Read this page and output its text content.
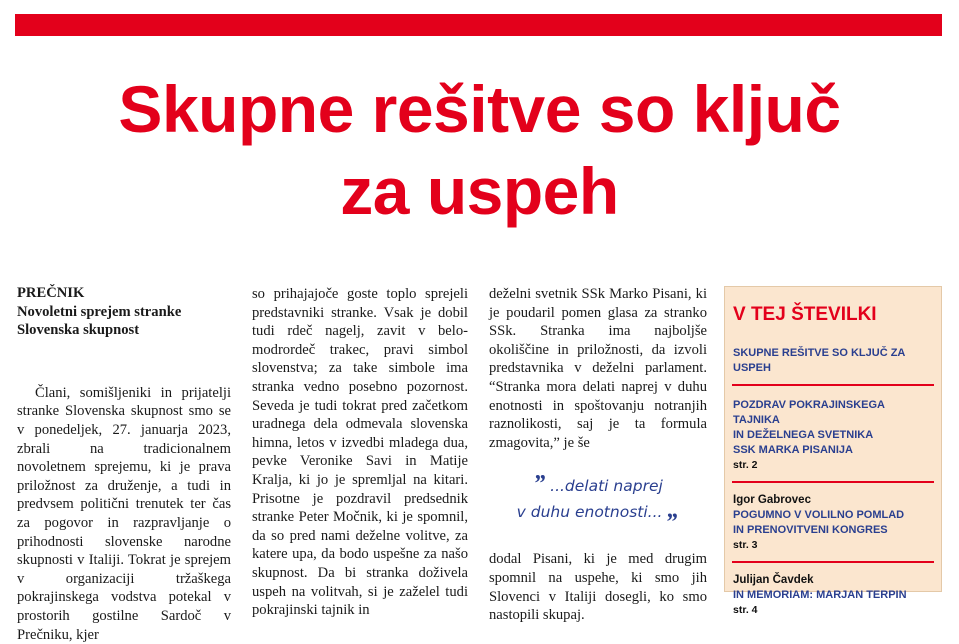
Skupne rešitve so ključ
za uspeh

PREČNIK

Novoletni sprejem stranke
Slovenska skupnost

Člani, somišljeniki in prijatelji stranke Slovenska skupnost smo se v ponedeljek, 27. januarja 2023, zbrali na tradicionalnem novoletnem sprejemu, ki je prava priložnost za druženje, a tudi in predvsem politični trenutek ter čas za pogovor in razpravljanje o prihodnosti slovenske narodne skupnosti v Italiji. Tokrat je sprejem v organizaciji tržaškega pokrajinskega vodstva potekal v prostorih gostilne Sardoč v Prečniku, kjer

so prihajajoče goste toplo sprejeli predstavniki stranke. Vsak je dobil tudi rdeč nagelj, zavit v belo-modrordeč trakec, pravi simbol slovenstva; za take simbole ima stranka vedno posebno pozornost. Seveda je tudi tokrat pred začetkom uradnega dela odmevala slovenska himna, letos v izvedbi mladega dua, pevke Veronike Savi in Matije Kralja, ki jo je spremljal na kitari. Prisotne je pozdravil predsednik stranke Peter Močnik, ki je spomnil, da so pred nami deželne volitve, za katere upa, da bodo uspešne za našo skupnost. Da bi stranka doživela uspeh na volitvah, si je zaželel tudi pokrajinski tajnik in

deželni svetnik SSk Marko Pisani, ki je poudaril pomen glasa za stranko SSk. Stranka ima najboljše okoliščine in priložnosti, da izvoli predstavnika v deželni parlament. “Stranka mora delati naprej v duhu enotnosti in spoštovanju notranjih raznolikosti, saj je ta formula zmagovita,” je še

” ...delati naprej
v duhu enotnosti... „

dodal Pisani, ki je med drugim spomnil na uspehe, ki smo jih Slovenci v Italiji dosegli, ko smo nastopili skupaj.

V TEJ ŠTEVILKI
SKUPNE REŠITVE SO KLJUČ ZA USPEH
POZDRAV POKRAJINSKEGA TAJNIKA
IN DEŽELNEGA SVETNIKA
SSK MARKA PISANIJA
str. 2
Igor Gabrovec
POGUMNO V VOLILNO POMLAD
IN PRENOVITVENI KONGRES
str. 3
Julijan Čavdek
IN MEMORIAM: MARJAN TERPIN
str. 4
